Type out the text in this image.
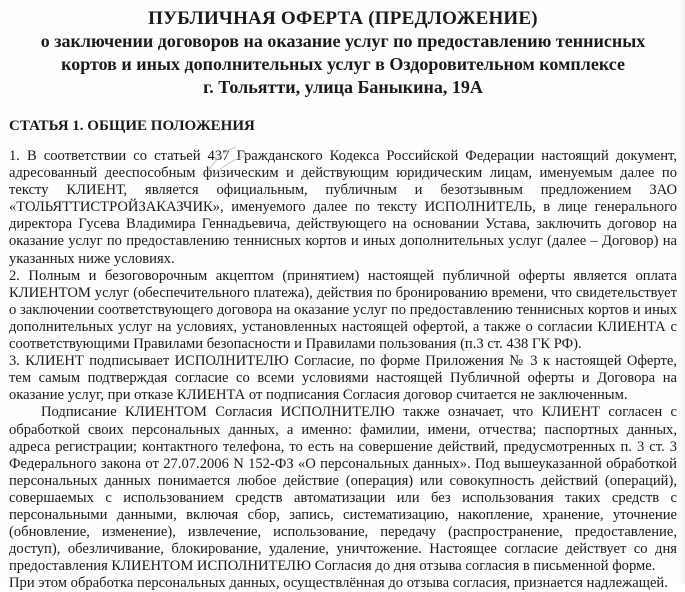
ПУБЛИЧНАЯ ОФЕРТА (ПРЕДЛОЖЕНИЕ)
о заключении договоров на оказание услуг по предоставлению теннисных
кортов и иных дополнительных услуг в Оздоровительном комплексе
г. Тольятти, улица Баныкина, 19А
СТАТЬЯ 1. ОБЩИЕ ПОЛОЖЕНИЯ

1. В соответствии со статьей 437 Гражданского Кодекса Российской Федерации настоящий документ, адресованный дееспособным физическим и действующим юридическим лицам, именуемым далее по тексту КЛИЕНТ, является официальным, публичным и безотзывным предложением ЗАО «ТОЛЬЯТТИСТРОЙЗАКАЗЧИК», именуемого далее по тексту ИСПОЛНИТЕЛЬ, в лице генерального директора Гусева Владимира Геннадьевича, действующего на основании Устава, заключить договор на оказание услуг по предоставлению теннисных кортов и иных дополнительных услуг (далее – Договор) на указанных ниже условиях.

2. Полным и безоговорочным акцептом (принятием) настоящей публичной оферты является оплата КЛИЕНТОМ услуг (обеспечительного платежа), действия по бронированию времени, что свидетельствует о заключении соответствующего договора на оказание услуг по предоставлению теннисных кортов и иных дополнительных услуг на условиях, установленных настоящей офертой, а также о согласии КЛИЕНТА с соответствующими Правилами безопасности и Правилами пользования (п.3 ст. 438 ГК РФ).

3. КЛИЕНТ подписывает ИСПОЛНИТЕЛЮ Согласие, по форме Приложения № 3 к настоящей Оферте, тем самым подтверждая согласие со всеми условиями настоящей Публичной оферты и Договора на оказание услуг, при отказе КЛИЕНТА от подписания Согласия договор считается не заключенным.

Подписание КЛИЕНТОМ Согласия ИСПОЛНИТЕЛЮ также означает, что КЛИЕНТ согласен с обработкой своих персональных данных, а именно: фамилии, имени, отчества; паспортных данных, адреса регистрации; контактного телефона, то есть на совершение действий, предусмотренных п. 3 ст. 3 Федерального закона от 27.07.2006 N 152-ФЗ «О персональных данных». Под вышеуказанной обработкой персональных данных понимается любое действие (операция) или совокупность действий (операций), совершаемых с использованием средств автоматизации или без использования таких средств с персональными данными, включая сбор, запись, систематизацию, накопление, хранение, уточнение (обновление, изменение), извлечение, использование, передачу (распространение, предоставление, доступ), обезличивание, блокирование, удаление, уничтожение. Настоящее согласие действует со дня предоставления КЛИЕНТОМ ИСПОЛНИТЕЛЮ Согласия до дня отзыва согласия в письменной форме.

При этом обработка персональных данных, осуществлённая до отзыва согласия, признается надлежащей.
